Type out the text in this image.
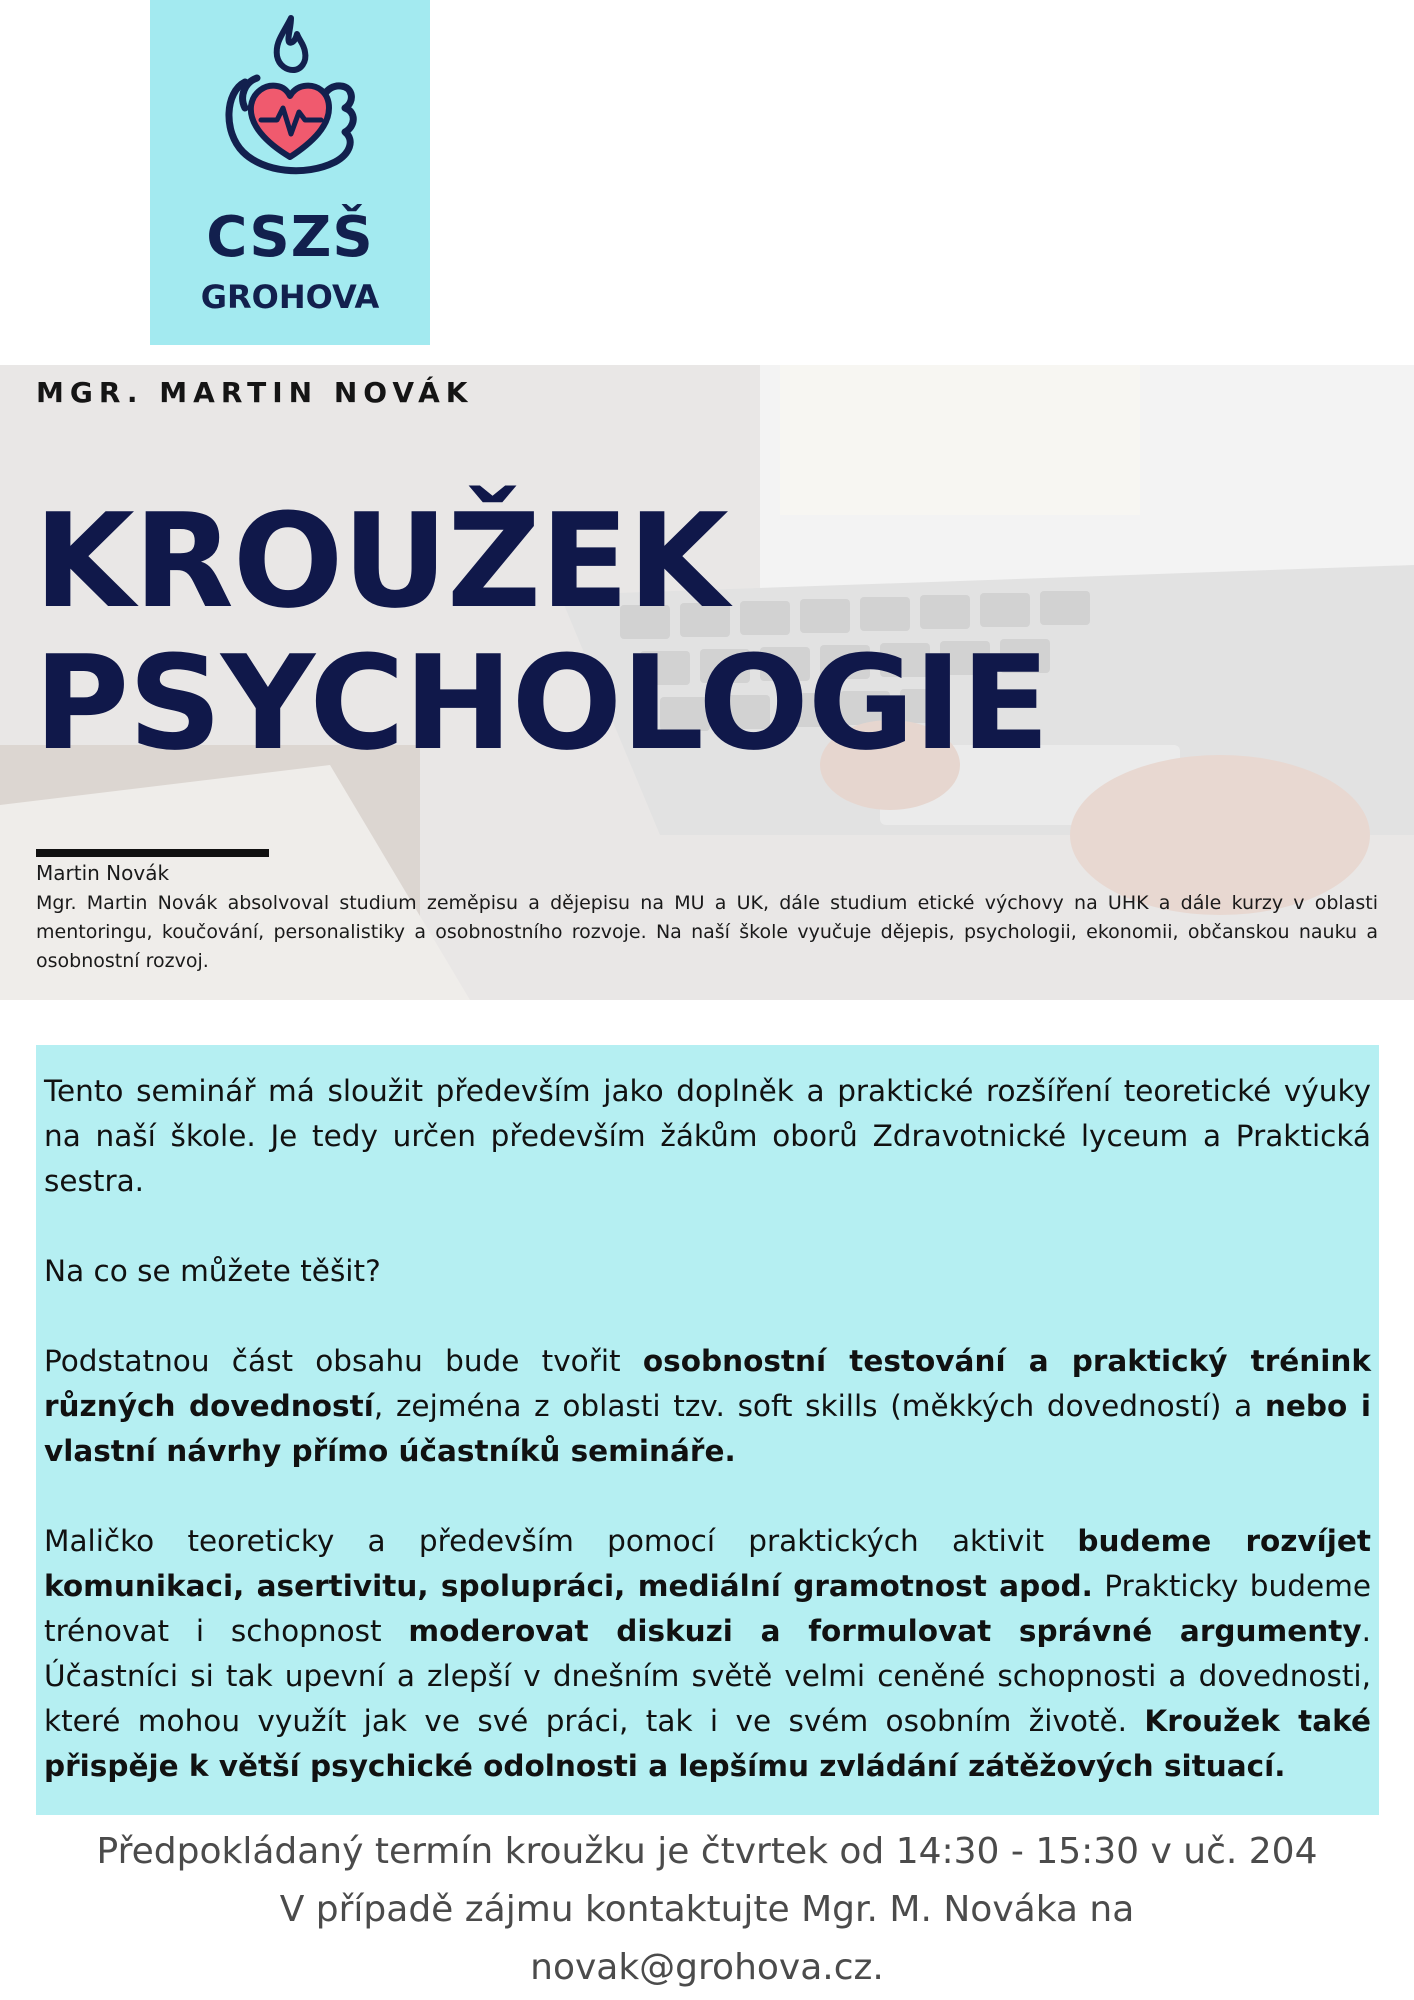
CSZŠ
GROHOVA
MGR. MARTIN NOVÁK
KROUŽEK
PSYCHOLOGIE
Martin Novák

Mgr. Martin Novák absolvoval studium zeměpisu a dějepisu na MU a UK, dále studium etické výchovy na UHK a dále kurzy v oblasti mentoringu, koučování, personalistiky a osobnostního rozvoje. Na naší škole vyučuje dějepis, psychologii, ekonomii, občanskou nauku a osobnostní rozvoj.

Tento seminář má sloužit především jako doplněk a praktické rozšíření teoretické výuky na naší škole. Je tedy určen především žákům oborů Zdravotnické lyceum a Praktická sestra.

Na co se můžete těšit?

Podstatnou část obsahu bude tvořit osobnostní testování a praktický trénink různých dovedností, zejména z oblasti tzv. soft skills (měkkých dovedností) a nebo i vlastní návrhy přímo účastníků semináře.

Maličko teoreticky a především pomocí praktických aktivit budeme rozvíjet komunikaci, asertivitu, spolupráci, mediální gramotnost apod. Prakticky budeme trénovat i schopnost moderovat diskuzi a formulovat správné argumenty. Účastníci si tak upevní a zlepší v dnešním světě velmi ceněné schopnosti a dovednosti, které mohou využít jak ve své práci, tak i ve svém osobním životě. Kroužek také přispěje k větší psychické odolnosti a lepšímu zvládání zátěžových situací.

Předpokládaný termín kroužku je čtvrtek od 14:30 - 15:30 v uč. 204
V případě zájmu kontaktujte Mgr. M. Nováka na
novak@grohova.cz.
